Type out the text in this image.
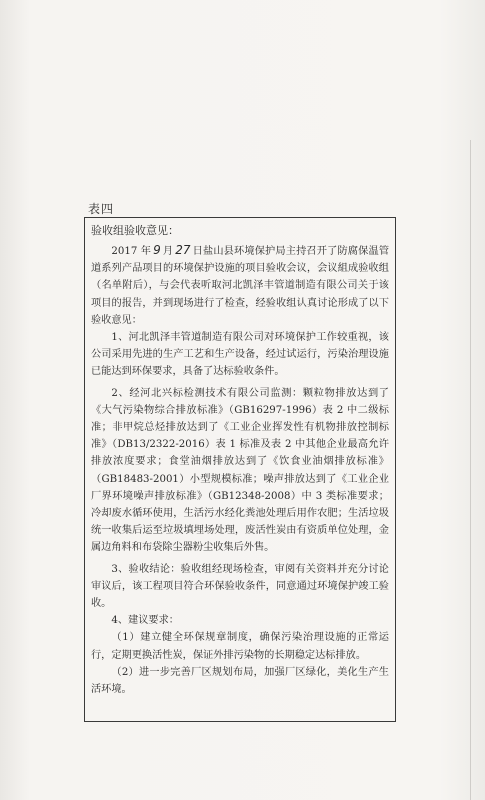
表四
验收组验收意见：

2017 年 9 月 27 日盐山县环境保护局主持召开了防腐保温管道系列产品项目的环境保护设施的项目验收会议，会议組成验收组（名单附后），与会代表听取河北凯泽丰管道制造有限公司关于该项目的报告，并到现场进行了检查，经验收组认真讨论形成了以下验收意见：

1、河北凯泽丰管道制造有限公司对环境保护工作较重视，该公司采用先进的生产工艺和生产设备，经过试运行，污染治理设施已能达到环保要求，具备了达标验收条件。

2、经河北兴标检测技术有限公司监测：颗粒物排放达到了《大气污染物综合排放标准》（GB16297-1996）表 2 中二级标准；非甲烷总烃排放达到了《工业企业挥发性有机物排放控制标准》（DB13/2322-2016）表 1 标准及表 2 中其他企业最高允许排放浓度要求；食堂油烟排放达到了《饮食业油烟排放标准》（GB18483-2001）小型规模标准；噪声排放达到了《工业企业厂界环境噪声排放标准》（GB12348-2008）中 3 类标准要求；冷却废水循环使用，生活污水经化粪池处理后用作农肥；生活垃圾统一收集后运至垃圾填埋场处理，废活性炭由有资质单位处理，金属边角料和布袋除尘器粉尘收集后外售。

3、验收结论：验收组经现场检查，审阅有关资料并充分讨论审议后，该工程项目符合环保验收条件，同意通过环境保护竣工验收。

4、建议要求：

（1）建立健全环保规章制度，确保污染治理设施的正常运行，定期更换活性炭，保证外排污染物的长期稳定达标排放。

（2）进一步完善厂区规划布局，加强厂区绿化，美化生产生活环境。
